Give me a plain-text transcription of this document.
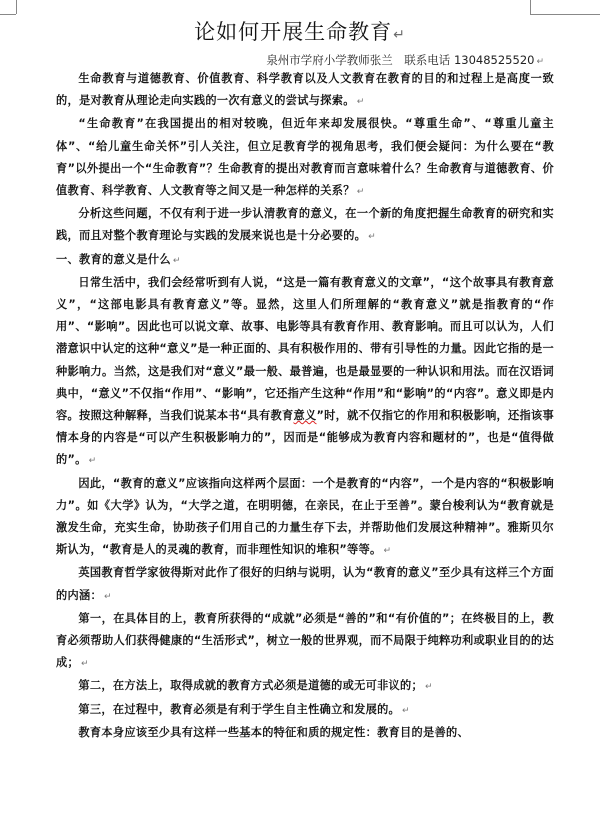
论如何开展生命教育↵
泉州市学府小学教师张兰　联系电话 13048525520 ↵

生命教育与道德教育、价值教育、科学教育以及人文教育在教育的目的和过程上是高度一致的，是对教育从理论走向实践的一次有意义的尝试与探索。 ↵

“生命教育”在我国提出的相对较晚，但近年来却发展很快。“尊重生命”、“尊重儿童主体”、“给儿童生命关怀”引人关注，但立足教育学的视角思考，我们便会疑问：为什么要在“教育”以外提出一个“生命教育”？生命教育的提出对教育而言意味着什么？生命教育与道德教育、价值教育、科学教育、人文教育等之间又是一种怎样的关系？ ↵

分析这些问题，不仅有利于进一步认清教育的意义，在一个新的角度把握生命教育的研究和实践，而且对整个教育理论与实践的发展来说也是十分必要的。 ↵

一、教育的意义是什么 ↵

日常生活中，我们会经常听到有人说，“这是一篇有教育意义的文章”，“这个故事具有教育意义”，“这部电影具有教育意义”等。显然，这里人们所理解的“教育意义”就是指教育的“作用”、“影响”。因此也可以说文章、故事、电影等具有教育作用、教育影响。而且可以认为，人们潜意识中认定的这种“意义”是一种正面的、具有积极作用的、带有引导性的力量。因此它指的是一种影响力。当然，这是我们对“意义”最一般、最普遍，也是最显要的一种认识和用法。而在汉语词典中，“意义”不仅指“作用”、“影响”，它还指产生这种“作用”和“影响”的“内容”。意义即是内容。按照这种解释，当我们说某本书“具有教育意义”时，就不仅指它的作用和积极影响，还指该事情本身的内容是“可以产生积极影响力的”，因而是“能够成为教育内容和题材的”，也是“值得做的”。 ↵

因此，“教育的意义”应该指向这样两个层面：一个是教育的“内容”，一个是内容的“积极影响力”。如《大学》认为，“大学之道，在明明德，在亲民，在止于至善”。蒙台梭利认为“教育就是激发生命，充实生命，协助孩子们用自己的力量生存下去，并帮助他们发展这种精神”。雅斯贝尔斯认为，“教育是人的灵魂的教育，而非理性知识的堆积”等等。 ↵

英国教育哲学家彼得斯对此作了很好的归纳与说明，认为“教育的意义”至少具有这样三个方面的内涵： ↵

第一，在具体目的上，教育所获得的“成就”必须是“善的”和“有价值的”；在终极目的上，教育必须帮助人们获得健康的“生活形式”，树立一般的世界观，而不局限于纯粹功利或职业目的的达成； ↵

第二，在方法上，取得成就的教育方式必须是道德的或无可非议的； ↵

第三，在过程中，教育必须是有利于学生自主性确立和发展的。 ↵

教育本身应该至少具有这样一些基本的特征和质的规定性：教育目的是善的、
